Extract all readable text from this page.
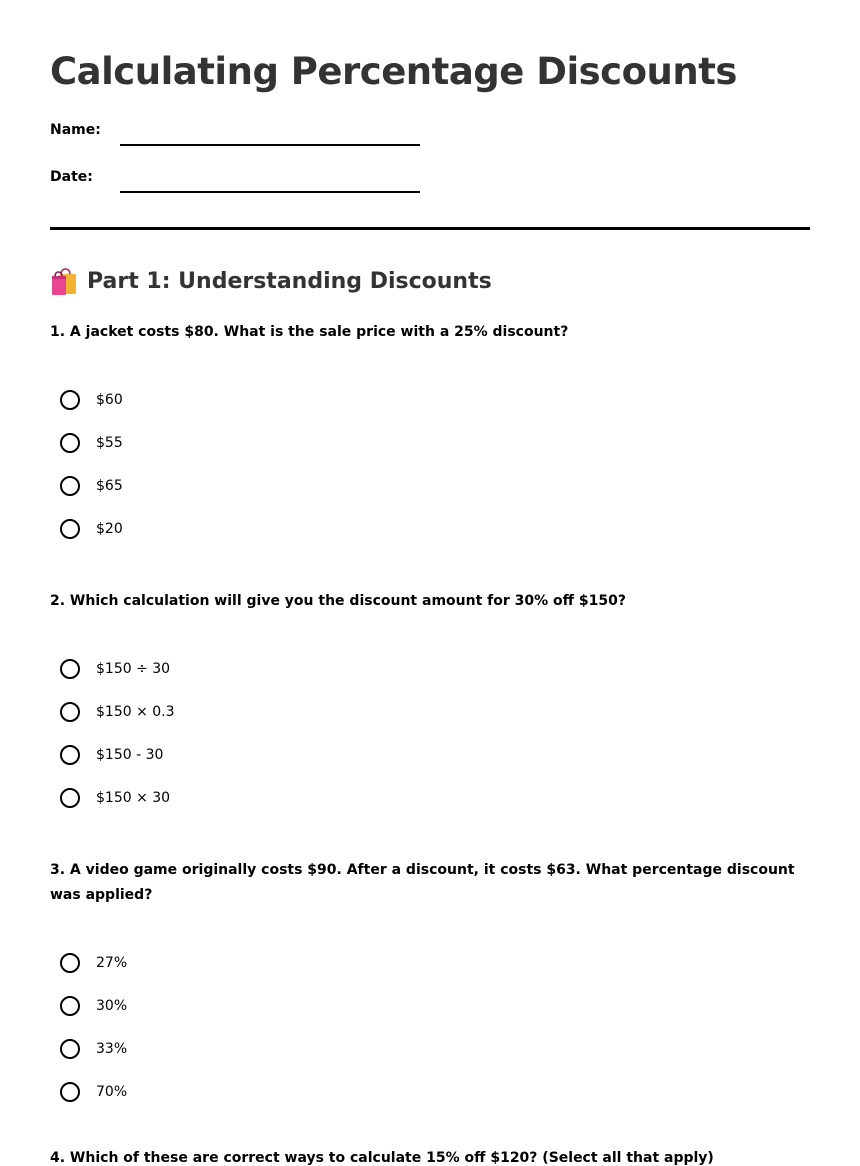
Calculating Percentage Discounts
Name:
Date:
Part 1: Understanding Discounts

1. A jacket costs $80. What is the sale price with a 25% discount?

$60
$55
$65
$20

2. Which calculation will give you the discount amount for 30% off $150?

$150 ÷ 30
$150 × 0.3
$150 - 30
$150 × 30

3. A video game originally costs $90. After a discount, it costs $63. What percentage discount was applied?

27%
30%
33%
70%
4. Which of these are correct ways to calculate 15% off $120? (Select all that apply)
